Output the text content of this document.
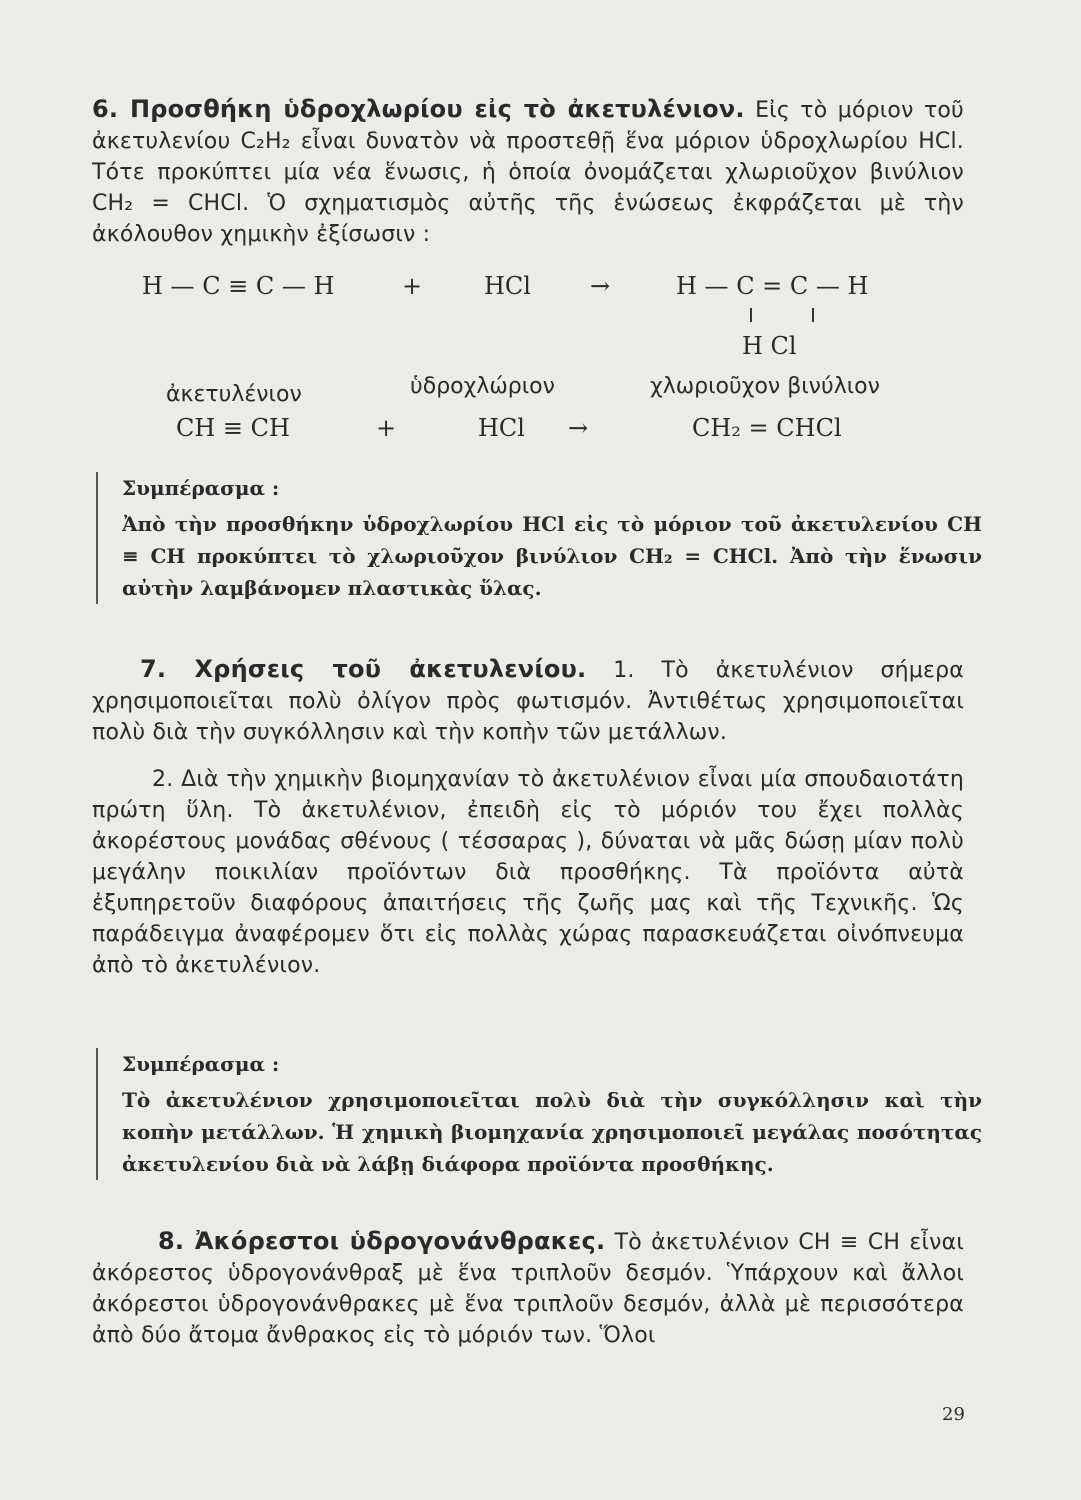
6. Προσθήκη ὑδροχλωρίου εἰς τὸ ἀκετυλένιον. Εἰς τὸ μόριον τοῦ ἀκετυλενίου C₂H₂ εἶναι δυνατὸν νὰ προστεθῇ ἕνα μόριον ὑδροχλωρίου HCl. Τότε προκύπτει μία νέα ἕνωσις, ἡ ὁποία ὀνομάζεται χλωριοῦχον βινύλιον CH₂ = CHCl. Ὁ σχηματισμὸς αὐτῆς τῆς ἑνώσεως ἐκφράζεται μὲ τὴν ἀκόλουθον χημικὴν ἐξίσωσιν :
H — C ≡ C — H	+	HCl →	H — C = C — H
H Cl
ἀκετυλένιον	ὑδροχλώριον	χλωριοῦχον βινύλιον
CH ≡ CH	+	HCl →	CH₂ = CHCl
Συμπέρασμα :
Ἀπὸ τὴν προσθήκην ὑδροχλωρίου HCl εἰς τὸ μόριον τοῦ ἀκετυλενίου CH ≡ CH προκύπτει τὸ χλωριοῦχον βινύλιον CH₂ = CHCl. Ἀπὸ τὴν ἕνωσιν αὐτὴν λαμβάνομεν πλαστικὰς ὕλας.
7. Χρήσεις τοῦ ἀκετυλενίου. 1. Τὸ ἀκετυλένιον σήμερα χρησιμοποιεῖται πολὺ ὀλίγον πρὸς φωτισμόν. Ἀντιθέτως χρησιμοποιεῖται πολὺ διὰ τὴν συγκόλλησιν καὶ τὴν κοπὴν τῶν μετάλλων.
2. Διὰ τὴν χημικὴν βιομηχανίαν τὸ ἀκετυλένιον εἶναι μία σπουδαιοτάτη πρώτη ὕλη. Τὸ ἀκετυλένιον, ἐπειδὴ εἰς τὸ μόριόν του ἔχει πολλὰς ἀκορέστους μονάδας σθένους ( τέσσαρας ), δύναται νὰ μᾶς δώσῃ μίαν πολὺ μεγάλην ποικιλίαν προϊόντων διὰ προσθήκης. Τὰ προϊόντα αὐτὰ ἐξυπηρετοῦν διαφόρους ἀπαιτήσεις τῆς ζωῆς μας καὶ τῆς Τεχνικῆς. Ὡς παράδειγμα ἀναφέρομεν ὅτι εἰς πολλὰς χώρας παρασκευάζεται οἰνόπνευμα ἀπὸ τὸ ἀκετυλένιον.
Συμπέρασμα :
Τὸ ἀκετυλένιον χρησιμοποιεῖται πολὺ διὰ τὴν συγκόλλησιν καὶ τὴν κοπὴν μετάλλων. Ἡ χημικὴ βιομηχανία χρησιμοποιεῖ μεγάλας ποσότητας ἀκετυλενίου διὰ νὰ λάβῃ διάφορα προϊόντα προσθήκης.
8. Ἀκόρεστοι ὑδρογονάνθρακες. Τὸ ἀκετυλένιον CH ≡ CH εἶναι ἀκόρεστος ὑδρογονάνθραξ μὲ ἕνα τριπλοῦν δεσμόν. Ὑπάρχουν καὶ ἄλλοι ἀκόρεστοι ὑδρογονάνθρακες μὲ ἕνα τριπλοῦν δεσμόν, ἀλλὰ μὲ περισσότερα ἀπὸ δύο ἄτομα ἄνθρακος εἰς τὸ μόριόν των. Ὅλοι
29
